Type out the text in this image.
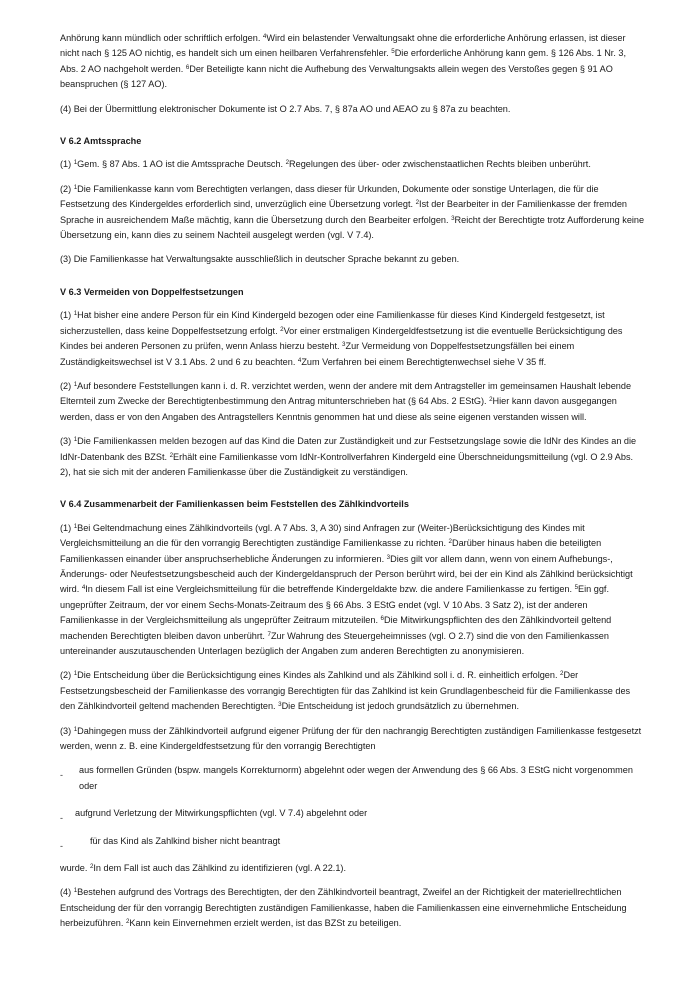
Anhörung kann mündlich oder schriftlich erfolgen. $^4$Wird ein belastender Verwaltungsakt ohne die erforderliche Anhörung erlassen, ist dieser nicht nach § 125 AO nichtig, es handelt sich um einen heilbaren Verfahrensfehler. $^5$Die erforderliche Anhörung kann gem. § 126 Abs. 1 Nr. 3, Abs. 2 AO nachgeholt werden. $^6$Der Beteiligte kann nicht die Aufhebung des Verwaltungsakts allein wegen des Verstoßes gegen § 91 AO beanspruchen (§ 127 AO).

(4) Bei der Übermittlung elektronischer Dokumente ist O 2.7 Abs. 7, § 87a AO und AEAO zu § 87a zu beachten.

V 6.2 Amtssprache

(1) $^1$Gem. § 87 Abs. 1 AO ist die Amtssprache Deutsch. $^2$Regelungen des über- oder zwischenstaatlichen Rechts bleiben unberührt.

(2) $^1$Die Familienkasse kann vom Berechtigten verlangen, dass dieser für Urkunden, Dokumente oder sonstige Unterlagen, die für die Festsetzung des Kindergeldes erforderlich sind, unverzüglich eine Übersetzung vorlegt. $^2$Ist der Bearbeiter in der Familienkasse der fremden Sprache in ausreichendem Maße mächtig, kann die Übersetzung durch den Bearbeiter erfolgen. $^3$Reicht der Berechtigte trotz Aufforderung keine Übersetzung ein, kann dies zu seinem Nachteil ausgelegt werden (vgl. V 7.4).

(3) Die Familienkasse hat Verwaltungsakte ausschließlich in deutscher Sprache bekannt zu geben.

V 6.3 Vermeiden von Doppelfestsetzungen

(1) $^1$Hat bisher eine andere Person für ein Kind Kindergeld bezogen oder eine Familienkasse für dieses Kind Kindergeld festgesetzt, ist sicherzustellen, dass keine Doppelfestsetzung erfolgt. $^2$Vor einer erstmaligen Kindergeldfestsetzung ist die eventuelle Berücksichtigung des Kindes bei anderen Personen zu prüfen, wenn Anlass hierzu besteht. $^3$Zur Vermeidung von Doppelfestsetzungsfällen bei einem Zuständigkeitswechsel ist V 3.1 Abs. 2 und 6 zu beachten. $^4$Zum Verfahren bei einem Berechtigtenwechsel siehe V 35 ff.

(2) $^1$Auf besondere Feststellungen kann i. d. R. verzichtet werden, wenn der andere mit dem Antragsteller im gemeinsamen Haushalt lebende Elternteil zum Zwecke der Berechtigtenbestimmung den Antrag mitunterschrieben hat (§ 64 Abs. 2 EStG). $^2$Hier kann davon ausgegangen werden, dass er von den Angaben des Antragstellers Kenntnis genommen hat und diese als seine eigenen verstanden wissen will.

(3) $^1$Die Familienkassen melden bezogen auf das Kind die Daten zur Zuständigkeit und zur Festsetzungslage sowie die IdNr des Kindes an die IdNr-Datenbank des BZSt. $^2$Erhält eine Familienkasse vom IdNr-Kontrollverfahren Kindergeld eine Überschneidungsmitteilung (vgl. O 2.9 Abs. 2), hat sie sich mit der anderen Familienkasse über die Zuständigkeit zu verständigen.

V 6.4 Zusammenarbeit der Familienkassen beim Feststellen des Zählkindvorteils

(1) $^1$Bei Geltendmachung eines Zählkindvorteils (vgl. A 7 Abs. 3, A 30) sind Anfragen zur (Weiter-)Berücksichtigung des Kindes mit Vergleichsmitteilung an die für den vorrangig Berechtigten zuständige Familienkasse zu richten. $^2$Darüber hinaus haben die beteiligten Familienkassen einander über anspruchserhebliche Änderungen zu informieren. $^3$Dies gilt vor allem dann, wenn von einem Aufhebungs-, Änderungs- oder Neufestsetzungsbescheid auch der Kindergeldanspruch der Person berührt wird, bei der ein Kind als Zählkind berücksichtigt wird. $^4$In diesem Fall ist eine Vergleichsmitteilung für die betreffende Kindergeldakte bzw. die andere Familienkasse zu fertigen. $^5$Ein ggf. ungeprüfter Zeitraum, der vor einem Sechs-Monats-Zeitraum des § 66 Abs. 3 EStG endet (vgl. V 10 Abs. 3 Satz 2), ist der anderen Familienkasse in der Vergleichsmitteilung als ungeprüfter Zeitraum mitzuteilen. $^6$Die Mitwirkungspflichten des den Zählkindvorteil geltend machenden Berechtigten bleiben davon unberührt. $^7$Zur Wahrung des Steuergeheimnisses (vgl. O 2.7) sind die von den Familienkassen untereinander auszutauschenden Unterlagen bezüglich der Angaben zum anderen Berechtigten zu anonymisieren.

(2) $^1$Die Entscheidung über die Berücksichtigung eines Kindes als Zahlkind und als Zählkind soll i. d. R. einheitlich erfolgen. $^2$Der Festsetzungsbescheid der Familienkasse des vorrangig Berechtigten für das Zahlkind ist kein Grundlagenbescheid für die Familienkasse des den Zählkindvorteil geltend machenden Berechtigten. $^3$Die Entscheidung ist jedoch grundsätzlich zu übernehmen.

(3) $^1$Dahingegen muss der Zählkindvorteil aufgrund eigener Prüfung der für den nachrangig Berechtigten zuständigen Familienkasse festgesetzt werden, wenn z. B. eine Kindergeldfestsetzung für den vorrangig Berechtigten

- aus formellen Gründen (bspw. mangels Korrekturnorm) abgelehnt oder wegen der Anwendung des § 66 Abs. 3 EStG nicht vorgenommen oder
- aufgrund Verletzung der Mitwirkungspflichten (vgl. V 7.4) abgelehnt oder
-	für das Kind als Zahlkind bisher nicht beantragt

wurde. $^2$In dem Fall ist auch das Zählkind zu identifizieren (vgl. A 22.1).

(4) $^1$Bestehen aufgrund des Vortrags des Berechtigten, der den Zählkindvorteil beantragt, Zweifel an der Richtigkeit der materiellrechtlichen Entscheidung der für den vorrangig Berechtigten zuständigen Familienkasse, haben die Familienkassen eine einvernehmliche Entscheidung herbeizuführen. $^2$Kann kein Einvernehmen erzielt werden, ist das BZSt zu beteiligen.
